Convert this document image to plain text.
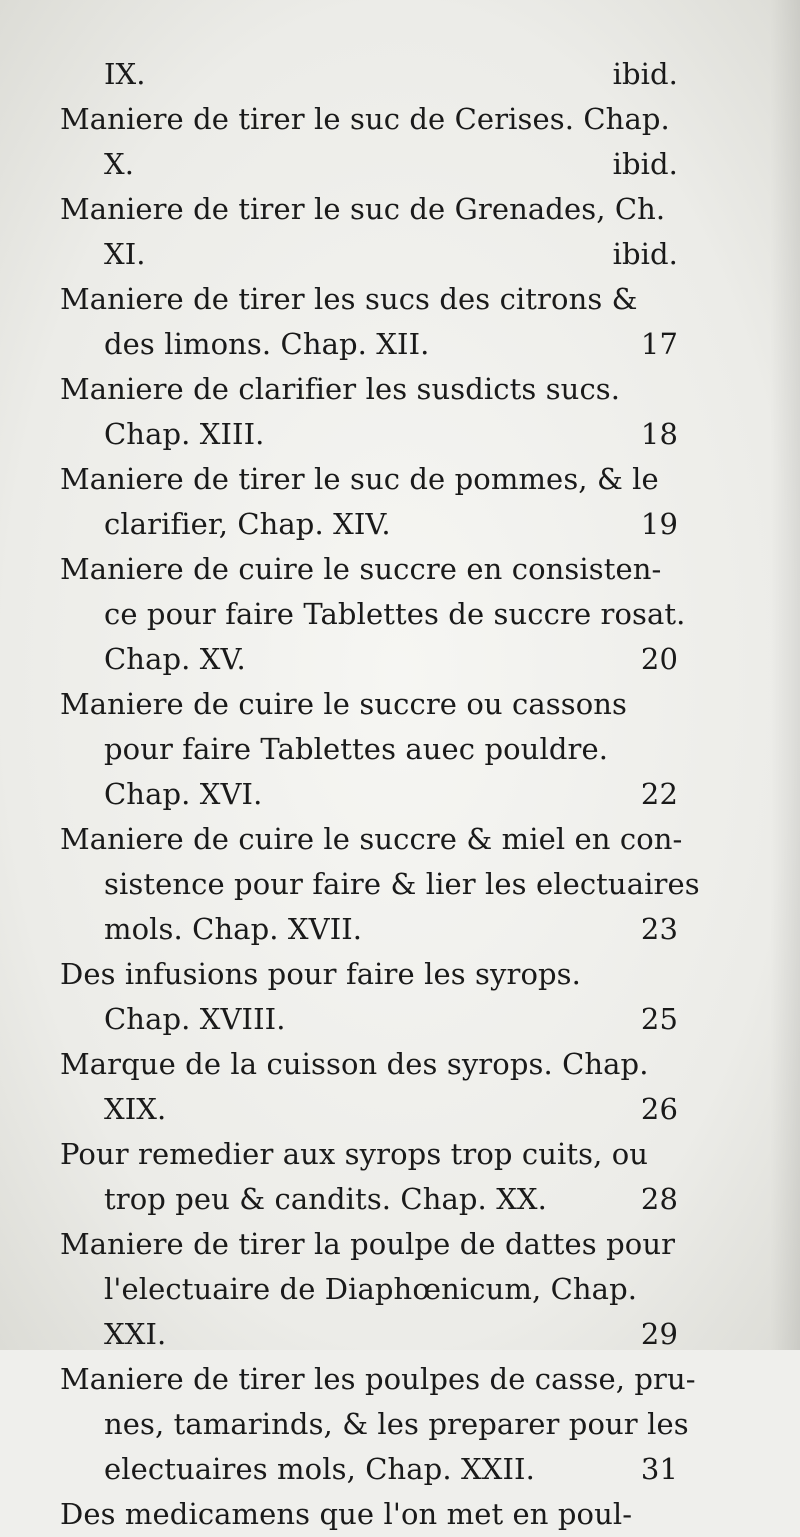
IX.	ibid.
Maniere de tirer le suc de Cerises. Chap.
X.	ibid.
Maniere de tirer le suc de Grenades, Ch.
XI.	ibid.
Maniere de tirer les sucs des citrons &
des limons. Chap. XII.	17
Maniere de clarifier les susdicts sucs.
Chap. XIII.	18
Maniere de tirer le suc de pommes, & le
clarifier, Chap. XIV.	19
Maniere de cuire le succre en consisten-
ce pour faire Tablettes de succre rosat.
Chap. XV.	20
Maniere de cuire le succre ou cassons
pour faire Tablettes auec pouldre.
Chap. XVI.	22
Maniere de cuire le succre & miel en con-
sistence pour faire & lier les electuaires
mols. Chap. XVII.	23
Des infusions pour faire les syrops.
Chap. XVIII.	25
Marque de la cuisson des syrops. Chap.
XIX.	26
Pour remedier aux syrops trop cuits, ou
trop peu & candits. Chap. XX.	28
Maniere de tirer la poulpe de dattes pour
l'electuaire de Diaphœnicum, Chap.
XXI.	29
Maniere de tirer les poulpes de casse, pru-
nes, tamarinds, & les preparer pour les
electuaires mols, Chap. XXII.	31
Des medicamens que l'on met en poul-
